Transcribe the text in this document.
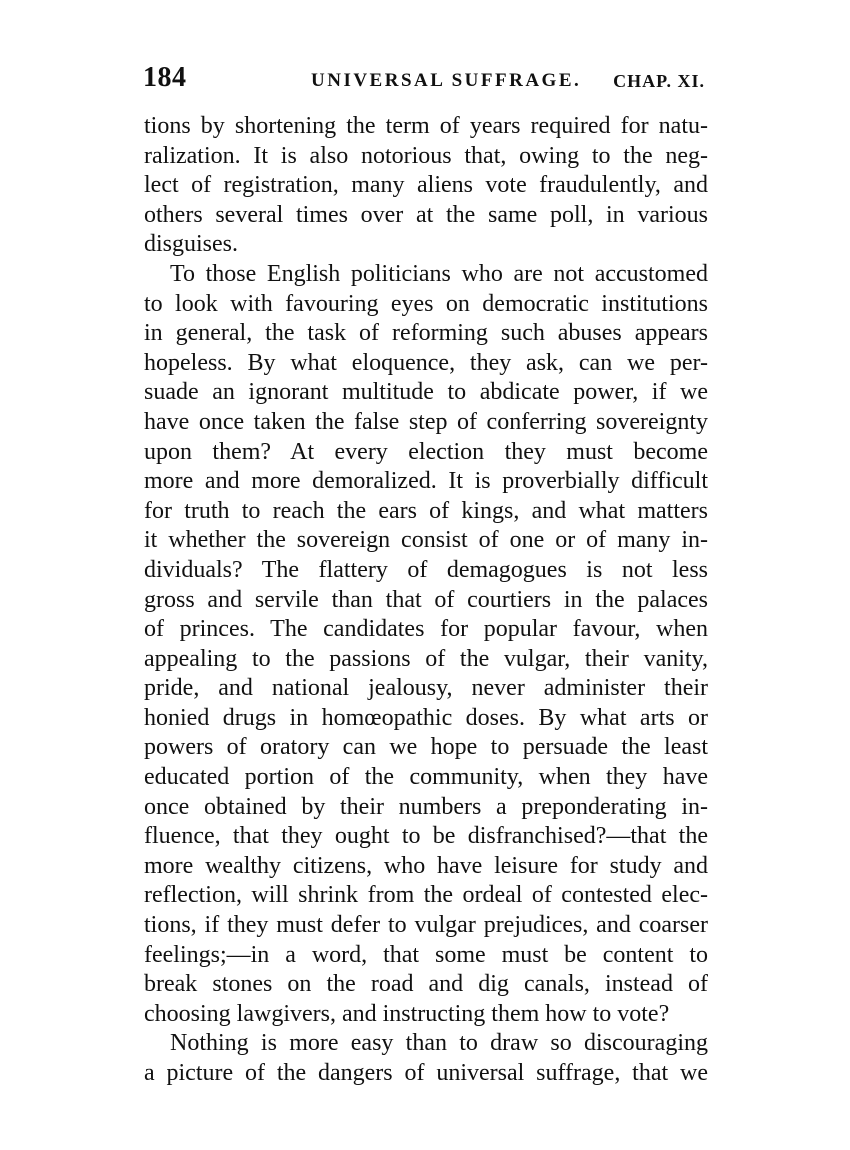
184	UNIVERSAL SUFFRAGE. CHAP. XI.
tions by shortening the term of years required for natu-
ralization. It is also notorious that, owing to the neg-
lect of registration, many aliens vote fraudulently, and
others several times over at the same poll, in various
disguises.
To those English politicians who are not accustomed
to look with favouring eyes on democratic institutions
in general, the task of reforming such abuses appears
hopeless. By what eloquence, they ask, can we per-
suade an ignorant multitude to abdicate power, if we
have once taken the false step of conferring sovereignty
upon them? At every election they must become
more and more demoralized. It is proverbially difficult
for truth to reach the ears of kings, and what matters
it whether the sovereign consist of one or of many in-
dividuals? The flattery of demagogues is not less
gross and servile than that of courtiers in the palaces
of princes. The candidates for popular favour, when
appealing to the passions of the vulgar, their vanity,
pride, and national jealousy, never administer their
honied drugs in homœopathic doses. By what arts or
powers of oratory can we hope to persuade the least
educated portion of the community, when they have
once obtained by their numbers a preponderating in-
fluence, that they ought to be disfranchised?—that the
more wealthy citizens, who have leisure for study and
reflection, will shrink from the ordeal of contested elec-
tions, if they must defer to vulgar prejudices, and coarser
feelings;—in a word, that some must be content to
break stones on the road and dig canals, instead of
choosing lawgivers, and instructing them how to vote?
Nothing is more easy than to draw so discouraging
a picture of the dangers of universal suffrage, that we
